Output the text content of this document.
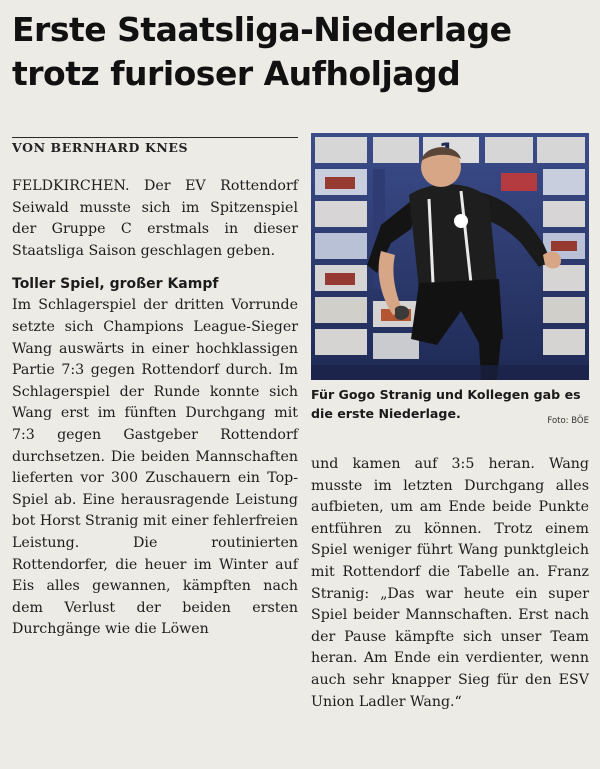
Erste Staatsliga-Niederlage
trotz furioser Aufholjagd
VON BERNHARD KNES

FELDKIRCHEN. Der EV Rottendorf Seiwald musste sich im Spitzenspiel der Gruppe C erstmals in dieser Staatsliga Saison geschlagen geben.

Toller Spiel, großer Kampf

Im Schlagerspiel der dritten Vorrunde setzte sich Champions League-Sieger Wang auswärts in einer hochklassigen Partie 7:3 gegen Rottendorf durch. Im Schlagerspiel der Runde konnte sich Wang erst im fünften Durchgang mit 7:3 gegen Gastgeber Rottendorf durchsetzen. Die beiden Mannschaften lieferten vor 300 Zuschauern ein Top-Spiel ab. Eine herausragende Leistung bot Horst Stranig mit einer fehlerfreien Leistung. Die routinierten Rottendorfer, die heuer im Winter auf Eis alles gewannen, kämpften nach dem Verlust der beiden ersten Durchgänge wie die Löwen

Für Gogo Stranig und Kollegen gab es die erste Niederlage.	Foto: BÖE

und kamen auf 3:5 heran. Wang musste im letzten Durchgang alles aufbieten, um am Ende beide Punkte entführen zu können. Trotz einem Spiel weniger führt Wang punktgleich mit Rottendorf die Tabelle an. Franz Stranig: „Das war heute ein super Spiel beider Mannschaften. Erst nach der Pause kämpfte sich unser Team heran. Am Ende ein verdienter, wenn auch sehr knapper Sieg für den ESV Union Ladler Wang.“
